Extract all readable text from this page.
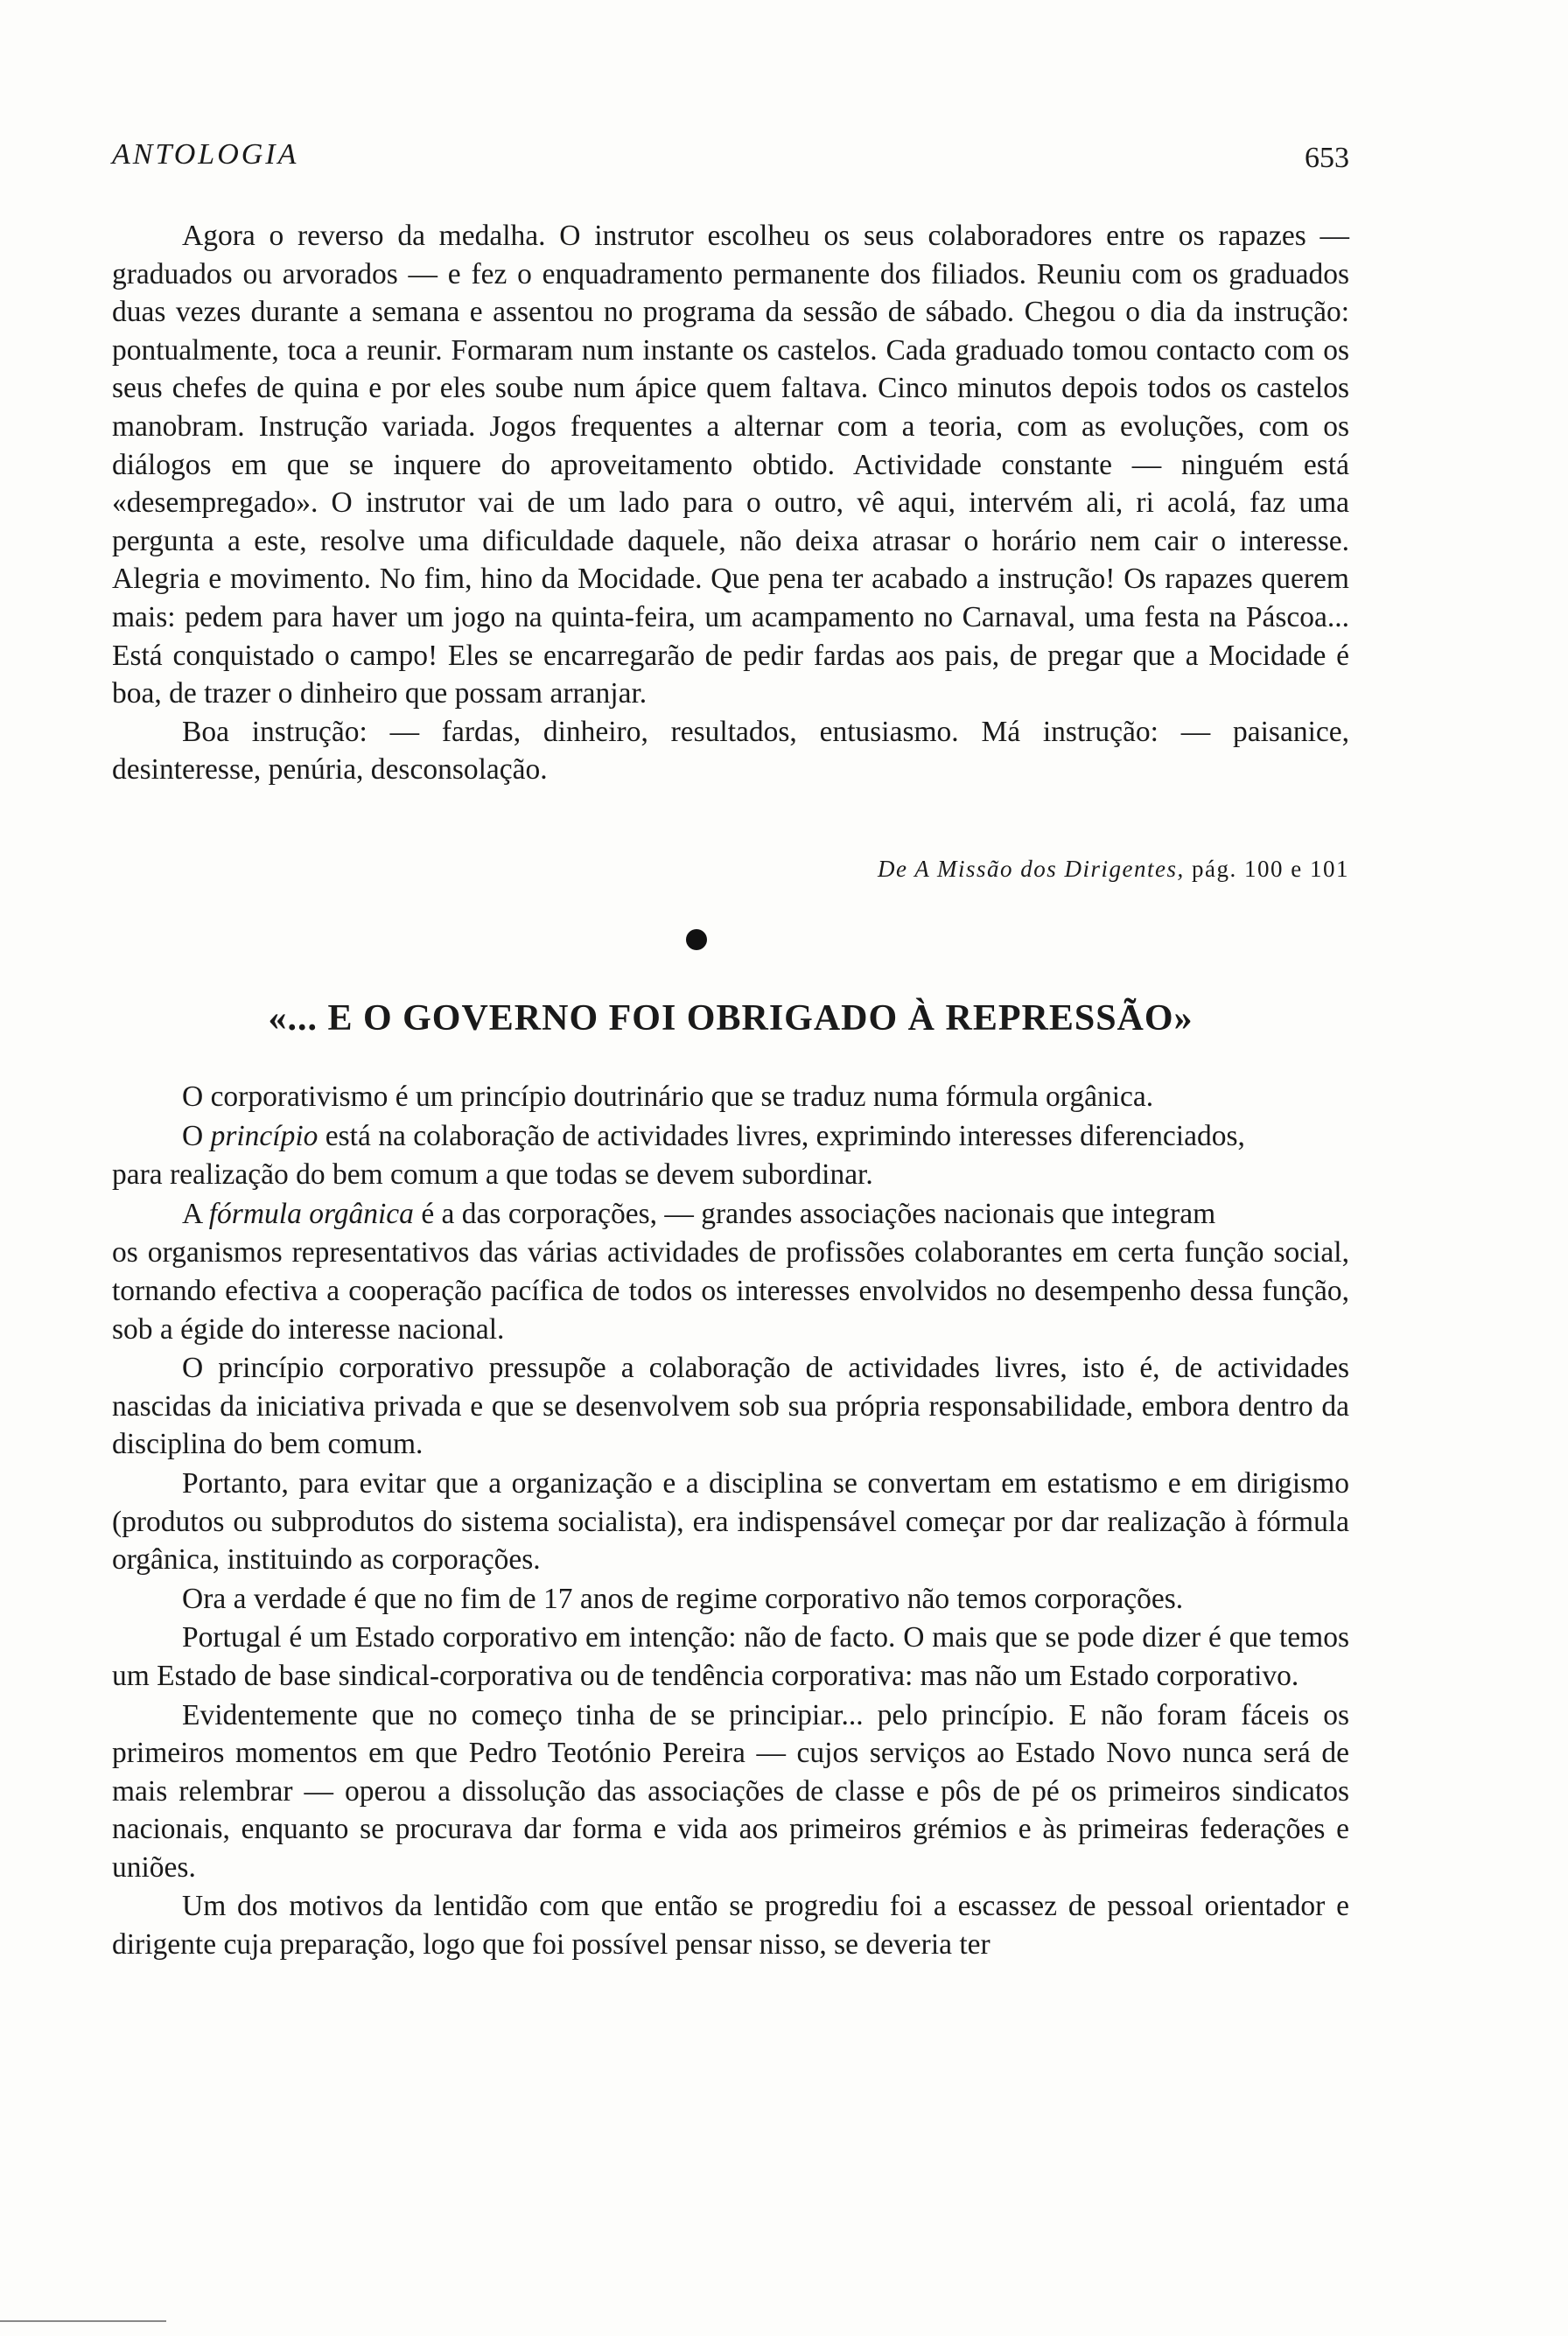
ANTOLOGIA	653

Agora o reverso da medalha. O instrutor escolheu os seus colaboradores entre os rapazes — graduados ou arvorados — e fez o enquadramento permanente dos filiados. Reuniu com os graduados duas vezes durante a semana e assentou no programa da sessão de sábado. Chegou o dia da instrução: pontualmente, toca a reunir. Formaram num instante os castelos. Cada graduado tomou contacto com os seus chefes de quina e por eles soube num ápice quem faltava. Cinco minutos depois todos os castelos manobram. Instrução variada. Jogos frequentes a alternar com a teoria, com as evoluções, com os diálogos em que se inquere do aproveitamento obtido. Actividade constante — ninguém está «desempregado». O instrutor vai de um lado para o outro, vê aqui, intervém ali, ri acolá, faz uma pergunta a este, resolve uma dificuldade daquele, não deixa atrasar o horário nem cair o interesse. Alegria e movimento. No fim, hino da Mocidade. Que pena ter acabado a instrução! Os rapazes querem mais: pedem para haver um jogo na quinta-feira, um acampamento no Carnaval, uma festa na Páscoa... Está conquistado o campo! Eles se encarregarão de pedir fardas aos pais, de pregar que a Mocidade é boa, de trazer o dinheiro que possam arranjar.

Boa instrução: — fardas, dinheiro, resultados, entusiasmo. Má instrução: — paisanice, desinteresse, penúria, desconsolação.

De A Missão dos Dirigentes, pág. 100 e 101
«... E O GOVERNO FOI OBRIGADO À REPRESSÃO»

O corporativismo é um princípio doutrinário que se traduz numa fórmula orgânica.

O princípio está na colaboração de actividades livres, exprimindo interesses diferenciados,

para realização do bem comum a que todas se devem subordinar.

A fórmula orgânica é a das corporações, — grandes associações nacionais que integram

os organismos representativos das várias actividades de profissões colaborantes em certa função social, tornando efectiva a cooperação pacífica de todos os interesses envolvidos no desempenho dessa função, sob a égide do interesse nacional.

O princípio corporativo pressupõe a colaboração de actividades livres, isto é, de actividades nascidas da iniciativa privada e que se desenvolvem sob sua própria responsabilidade, embora dentro da disciplina do bem comum.

Portanto, para evitar que a organização e a disciplina se convertam em estatismo e em dirigismo (produtos ou subprodutos do sistema socialista), era indispensável começar por dar realização à fórmula orgânica, instituindo as corporações.

Ora a verdade é que no fim de 17 anos de regime corporativo não temos corporações.

Portugal é um Estado corporativo em intenção: não de facto. O mais que se pode dizer é que temos um Estado de base sindical-corporativa ou de tendência corporativa: mas não um Estado corporativo.

Evidentemente que no começo tinha de se principiar... pelo princípio. E não foram fáceis os primeiros momentos em que Pedro Teotónio Pereira — cujos serviços ao Estado Novo nunca será de mais relembrar — operou a dissolução das associações de classe e pôs de pé os primeiros sindicatos nacionais, enquanto se procurava dar forma e vida aos primeiros grémios e às primeiras federações e uniões.

Um dos motivos da lentidão com que então se progrediu foi a escassez de pessoal orientador e dirigente cuja preparação, logo que foi possível pensar nisso, se deveria ter
